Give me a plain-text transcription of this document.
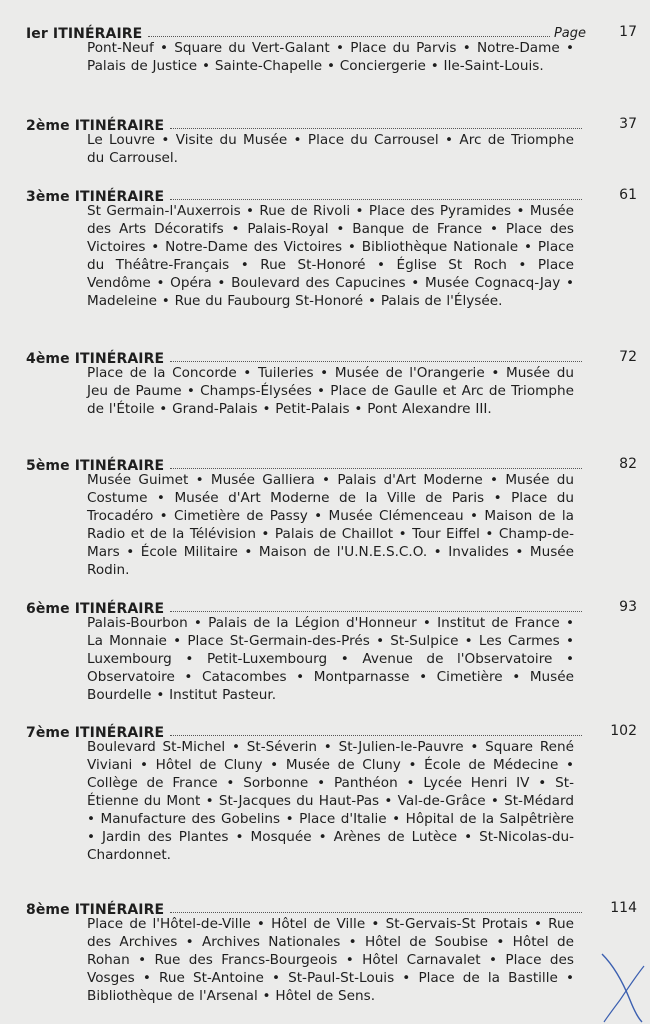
Ier ITINÉRAIRE	Page 17
Pont-Neuf • Square du Vert-Galant • Place du Parvis • Notre-Dame • Palais de Justice • Sainte-Chapelle • Conciergerie • Ile-Saint-Louis.
2ème ITINÉRAIRE	37
Le Louvre • Visite du Musée • Place du Carrousel • Arc de Triomphe du Carrousel.
3ème ITINÉRAIRE	61
St Germain-l'Auxerrois • Rue de Rivoli • Place des Pyramides • Musée des Arts Décoratifs • Palais-Royal • Banque de France • Place des Victoires • Notre-Dame des Victoires • Bibliothèque Nationale • Place du Théâtre-Français • Rue St-Honoré • Église St Roch • Place Vendôme • Opéra • Boulevard des Capucines • Musée Cognacq-Jay • Madeleine • Rue du Faubourg St-Honoré • Palais de l'Élysée.
4ème ITINÉRAIRE	72
Place de la Concorde • Tuileries • Musée de l'Orangerie • Musée du Jeu de Paume • Champs-Élysées • Place de Gaulle et Arc de Triomphe de l'Étoile • Grand-Palais • Petit-Palais • Pont Alexandre III.
5ème ITINÉRAIRE	82
Musée Guimet • Musée Galliera • Palais d'Art Moderne • Musée du Costume • Musée d'Art Moderne de la Ville de Paris • Place du Trocadéro • Cimetière de Passy • Musée Clémenceau • Maison de la Radio et de la Télévision • Palais de Chaillot • Tour Eiffel • Champ-de-Mars • École Militaire • Maison de l'U.N.E.S.C.O. • Invalides • Musée Rodin.
6ème ITINÉRAIRE	93
Palais-Bourbon • Palais de la Légion d'Honneur • Institut de France • La Monnaie • Place St-Germain-des-Prés • St-Sulpice • Les Carmes • Luxembourg • Petit-Luxembourg • Avenue de l'Observatoire • Observatoire • Catacombes • Montparnasse • Cimetière • Musée Bourdelle • Institut Pasteur.
7ème ITINÉRAIRE	102
Boulevard St-Michel • St-Séverin • St-Julien-le-Pauvre • Square René Viviani • Hôtel de Cluny • Musée de Cluny • École de Médecine • Collège de France • Sorbonne • Panthéon • Lycée Henri IV • St-Étienne du Mont • St-Jacques du Haut-Pas • Val-de-Grâce • St-Médard • Manufacture des Gobelins • Place d'Italie • Hôpital de la Salpêtrière • Jardin des Plantes • Mosquée • Arènes de Lutèce • St-Nicolas-du-Chardonnet.
8ème ITINÉRAIRE	114
Place de l'Hôtel-de-Ville • Hôtel de Ville • St-Gervais-St Protais • Rue des Archives • Archives Nationales • Hôtel de Soubise • Hôtel de Rohan • Rue des Francs-Bourgeois • Hôtel Carnavalet • Place des Vosges • Rue St-Antoine • St-Paul-St-Louis • Place de la Bastille • Bibliothèque de l'Arsenal • Hôtel de Sens.
